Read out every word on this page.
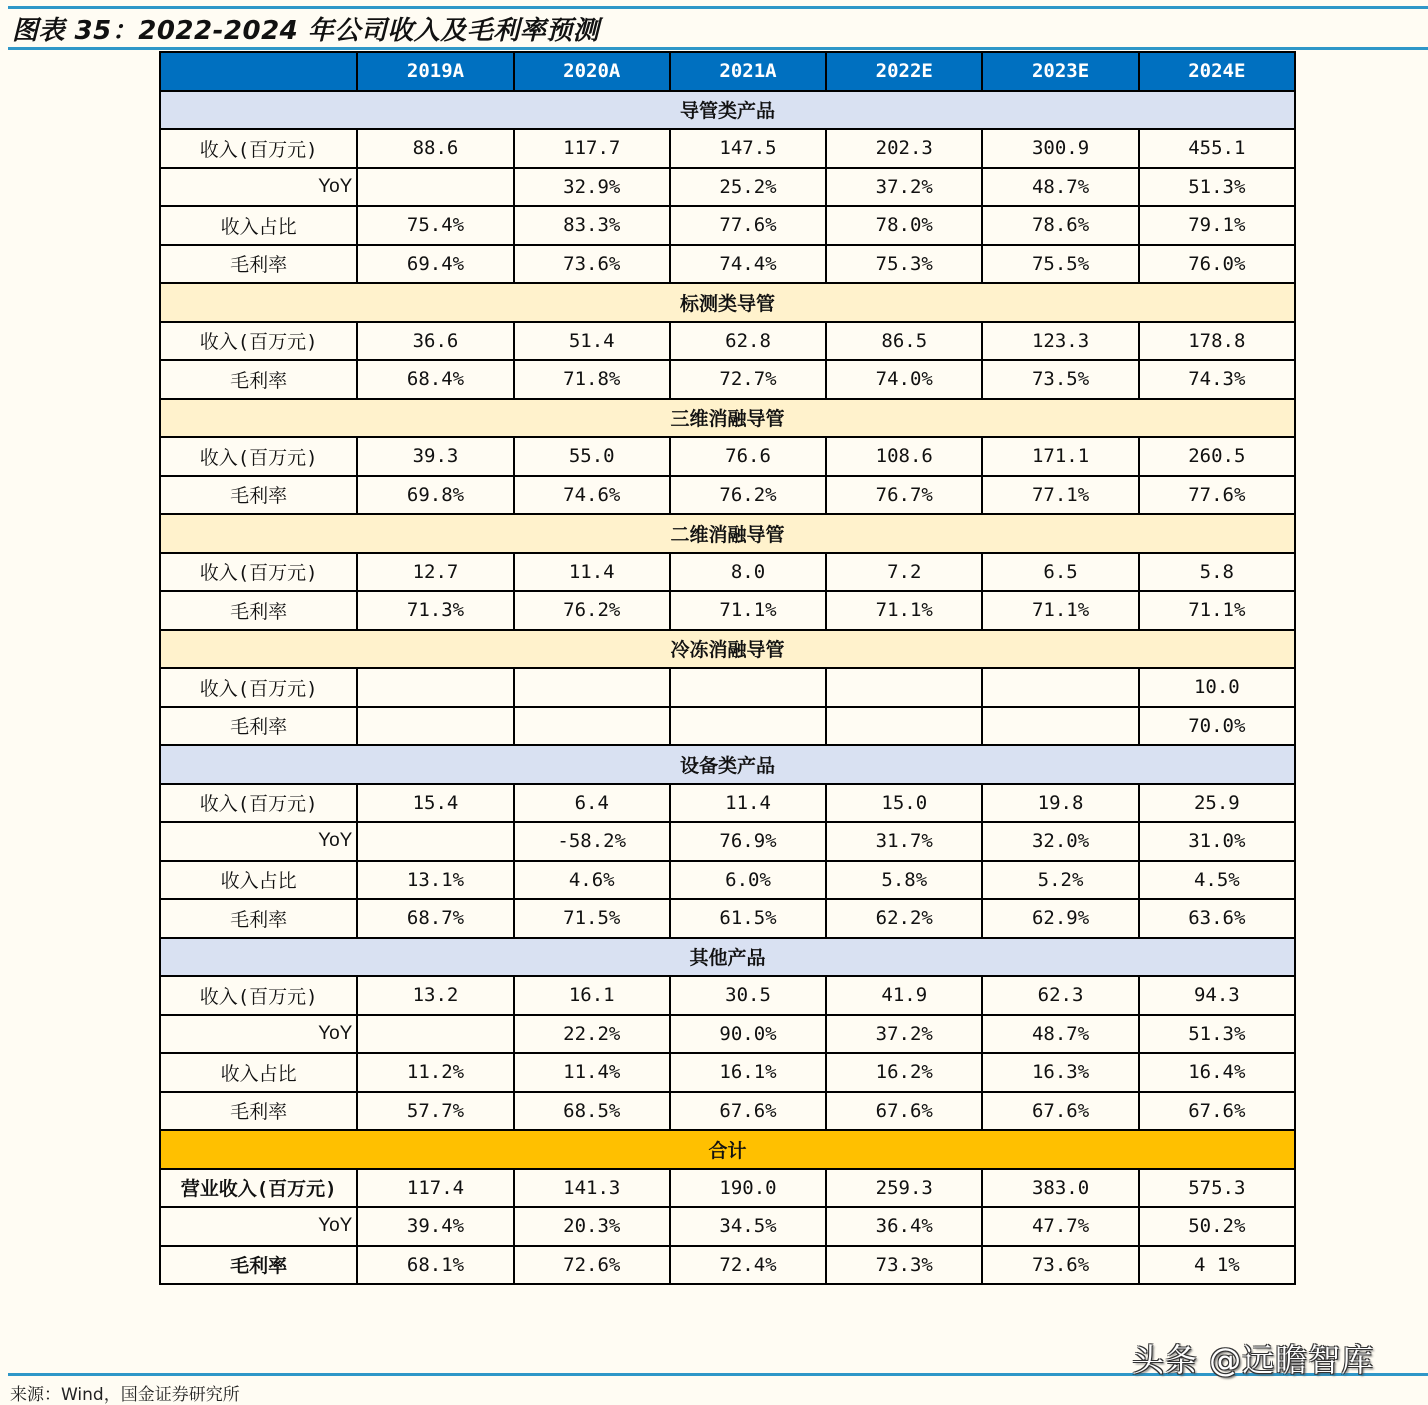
图表 35：2022-2024 年公司收入及毛利率预测
	2019A	2020A	2021A	2022E	2023E	2024E
导管类产品						
收入(百万元)	88.6	117.7	147.5	202.3	300.9	455.1
YoY		32.9%	25.2%	37.2%	48.7%	51.3%
收入占比	75.4%	83.3%	77.6%	78.0%	78.6%	79.1%
毛利率	69.4%	73.6%	74.4%	75.3%	75.5%	76.0%
标测类导管						
收入(百万元)	36.6	51.4	62.8	86.5	123.3	178.8
毛利率	68.4%	71.8%	72.7%	74.0%	73.5%	74.3%
三维消融导管						
收入(百万元)	39.3	55.0	76.6	108.6	171.1	260.5
毛利率	69.8%	74.6%	76.2%	76.7%	77.1%	77.6%
二维消融导管						
收入(百万元)	12.7	11.4	8.0	7.2	6.5	5.8
毛利率	71.3%	76.2%	71.1%	71.1%	71.1%	71.1%
冷冻消融导管						
收入(百万元)						10.0
毛利率						70.0%
设备类产品						
收入(百万元)	15.4	6.4	11.4	15.0	19.8	25.9
YoY		-58.2%	76.9%	31.7%	32.0%	31.0%
收入占比	13.1%	4.6%	6.0%	5.8%	5.2%	4.5%
毛利率	68.7%	71.5%	61.5%	62.2%	62.9%	63.6%
其他产品						
收入(百万元)	13.2	16.1	30.5	41.9	62.3	94.3
YoY		22.2%	90.0%	37.2%	48.7%	51.3%
收入占比	11.2%	11.4%	16.1%	16.2%	16.3%	16.4%
毛利率	57.7%	68.5%	67.6%	67.6%	67.6%	67.6%
合计						
营业收入(百万元)	117.4	141.3	190.0	259.3	383.0	575.3
YoY	39.4%	20.3%	34.5%	36.4%	47.7%	50.2%
毛利率	68.1%	72.6%	72.4%	73.3%	73.6%	4 1%
来源：Wind，国金证券研究所
头条 @远瞻智库
